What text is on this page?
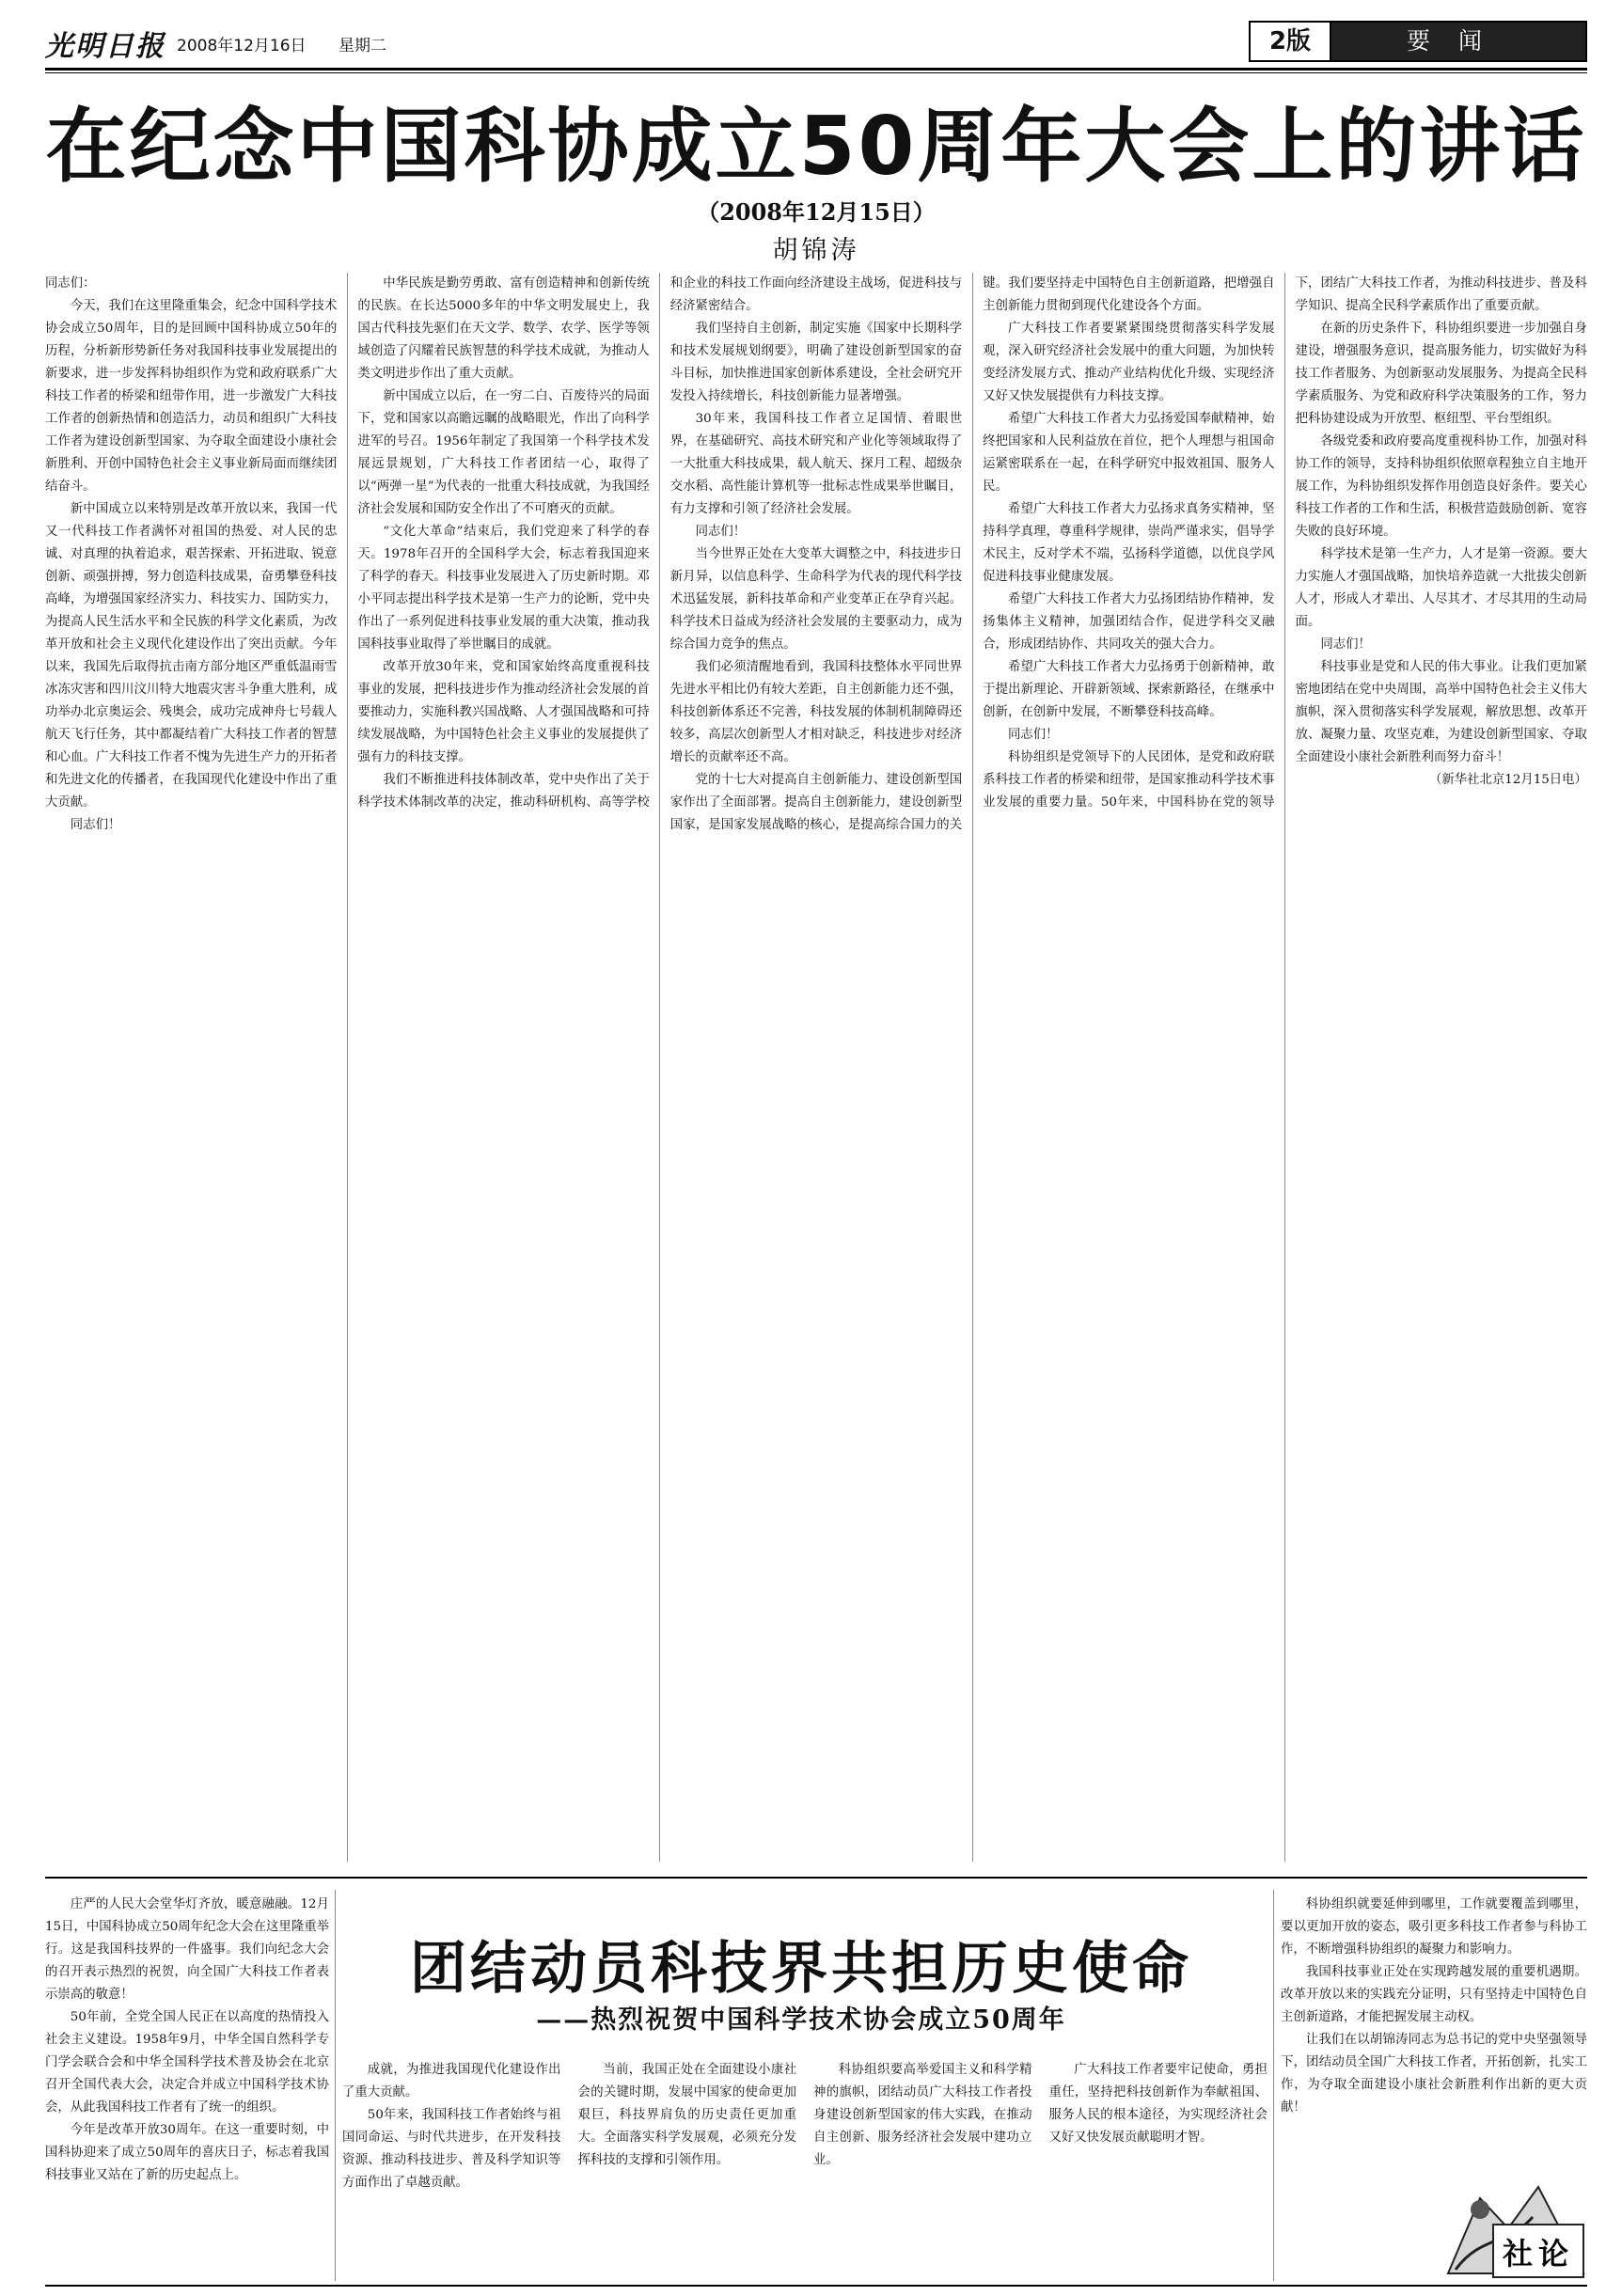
光明日报 2008年12月16日 星期二	2版	要闻
在纪念中国科协成立50周年大会上的讲话
（2008年12月15日）
胡锦涛

同志们：

今天，我们在这里隆重集会，纪念中国科学技术协会成立50周年，目的是回顾中国科协成立50年的历程，分析新形势新任务对我国科技事业发展提出的新要求，进一步发挥科协组织作为党和政府联系广大科技工作者的桥梁和纽带作用，进一步激发广大科技工作者的创新热情和创造活力，动员和组织广大科技工作者为建设创新型国家、为夺取全面建设小康社会新胜利、开创中国特色社会主义事业新局面而继续团结奋斗。

新中国成立以来特别是改革开放以来，我国一代又一代科技工作者满怀对祖国的热爱、对人民的忠诚、对真理的执着追求，艰苦探索、开拓进取、锐意创新、顽强拼搏，努力创造科技成果，奋勇攀登科技高峰，为增强国家经济实力、科技实力、国防实力，为提高人民生活水平和全民族的科学文化素质，为改革开放和社会主义现代化建设作出了突出贡献。今年以来，我国先后取得抗击南方部分地区严重低温雨雪冰冻灾害和四川汶川特大地震灾害斗争重大胜利，成功举办北京奥运会、残奥会，成功完成神舟七号载人航天飞行任务，其中都凝结着广大科技工作者的智慧和心血。广大科技工作者不愧为先进生产力的开拓者和先进文化的传播者，在我国现代化建设中作出了重大贡献。

同志们！

中华民族是勤劳勇敢、富有创造精神和创新传统的民族。在长达5000多年的中华文明发展史上，我国古代科技先驱们在天文学、数学、农学、医学等领域创造了闪耀着民族智慧的科学技术成就，为推动人类文明进步作出了重大贡献。

新中国成立以后，在一穷二白、百废待兴的局面下，党和国家以高瞻远瞩的战略眼光，作出了向科学进军的号召。1956年制定了我国第一个科学技术发展远景规划，广大科技工作者团结一心，取得了以“两弹一星”为代表的一批重大科技成就，为我国经济社会发展和国防安全作出了不可磨灭的贡献。

“文化大革命”结束后，我们党迎来了科学的春天。1978年召开的全国科学大会，标志着我国迎来了科学的春天。科技事业发展进入了历史新时期。邓小平同志提出科学技术是第一生产力的论断，党中央作出了一系列促进科技事业发展的重大决策，推动我国科技事业取得了举世瞩目的成就。

改革开放30年来，党和国家始终高度重视科技事业的发展，把科技进步作为推动经济社会发展的首要推动力，实施科教兴国战略、人才强国战略和可持续发展战略，为中国特色社会主义事业的发展提供了强有力的科技支撑。

我们不断推进科技体制改革，党中央作出了关于科学技术体制改革的决定，推动科研机构、高等学校和企业的科技工作面向经济建设主战场，促进科技与经济紧密结合。

我们坚持自主创新，制定实施《国家中长期科学和技术发展规划纲要》，明确了建设创新型国家的奋斗目标，加快推进国家创新体系建设，全社会研究开发投入持续增长，科技创新能力显著增强。

30年来，我国科技工作者立足国情、着眼世界，在基础研究、高技术研究和产业化等领域取得了一大批重大科技成果，载人航天、探月工程、超级杂交水稻、高性能计算机等一批标志性成果举世瞩目，有力支撑和引领了经济社会发展。

同志们！

当今世界正处在大变革大调整之中，科技进步日新月异，以信息科学、生命科学为代表的现代科学技术迅猛发展，新科技革命和产业变革正在孕育兴起。科学技术日益成为经济社会发展的主要驱动力，成为综合国力竞争的焦点。

我们必须清醒地看到，我国科技整体水平同世界先进水平相比仍有较大差距，自主创新能力还不强，科技创新体系还不完善，科技发展的体制机制障碍还较多，高层次创新型人才相对缺乏，科技进步对经济增长的贡献率还不高。

党的十七大对提高自主创新能力、建设创新型国家作出了全面部署。提高自主创新能力，建设创新型国家，是国家发展战略的核心，是提高综合国力的关键。我们要坚持走中国特色自主创新道路，把增强自主创新能力贯彻到现代化建设各个方面。

广大科技工作者要紧紧围绕贯彻落实科学发展观，深入研究经济社会发展中的重大问题，为加快转变经济发展方式、推动产业结构优化升级、实现经济又好又快发展提供有力科技支撑。

希望广大科技工作者大力弘扬爱国奉献精神，始终把国家和人民利益放在首位，把个人理想与祖国命运紧密联系在一起，在科学研究中报效祖国、服务人民。

希望广大科技工作者大力弘扬求真务实精神，坚持科学真理，尊重科学规律，崇尚严谨求实，倡导学术民主，反对学术不端，弘扬科学道德，以优良学风促进科技事业健康发展。

希望广大科技工作者大力弘扬团结协作精神，发扬集体主义精神，加强团结合作，促进学科交叉融合，形成团结协作、共同攻关的强大合力。

希望广大科技工作者大力弘扬勇于创新精神，敢于提出新理论、开辟新领域、探索新路径，在继承中创新，在创新中发展，不断攀登科技高峰。

同志们！

科协组织是党领导下的人民团体，是党和政府联系科技工作者的桥梁和纽带，是国家推动科学技术事业发展的重要力量。50年来，中国科协在党的领导下，团结广大科技工作者，为推动科技进步、普及科学知识、提高全民科学素质作出了重要贡献。

在新的历史条件下，科协组织要进一步加强自身建设，增强服务意识，提高服务能力，切实做好为科技工作者服务、为创新驱动发展服务、为提高全民科学素质服务、为党和政府科学决策服务的工作，努力把科协建设成为开放型、枢纽型、平台型组织。

各级党委和政府要高度重视科协工作，加强对科协工作的领导，支持科协组织依照章程独立自主地开展工作，为科协组织发挥作用创造良好条件。要关心科技工作者的工作和生活，积极营造鼓励创新、宽容失败的良好环境。

科学技术是第一生产力，人才是第一资源。要大力实施人才强国战略，加快培养造就一大批拔尖创新人才，形成人才辈出、人尽其才、才尽其用的生动局面。

同志们！

科技事业是党和人民的伟大事业。让我们更加紧密地团结在党中央周围，高举中国特色社会主义伟大旗帜，深入贯彻落实科学发展观，解放思想、改革开放、凝聚力量、攻坚克难，为建设创新型国家、夺取全面建设小康社会新胜利而努力奋斗！

（新华社北京12月15日电）

庄严的人民大会堂华灯齐放，暖意融融。12月15日，中国科协成立50周年纪念大会在这里隆重举行。这是我国科技界的一件盛事。我们向纪念大会的召开表示热烈的祝贺，向全国广大科技工作者表示崇高的敬意！

50年前，全党全国人民正在以高度的热情投入社会主义建设。1958年9月，中华全国自然科学专门学会联合会和中华全国科学技术普及协会在北京召开全国代表大会，决定合并成立中国科学技术协会，从此我国科技工作者有了统一的组织。

今年是改革开放30周年。在这一重要时刻，中国科协迎来了成立50周年的喜庆日子，标志着我国科技事业又站在了新的历史起点上。

团结动员科技界共担历史使命
——热烈祝贺中国科学技术协会成立50周年

成就，为推进我国现代化建设作出了重大贡献。

50年来，我国科技工作者始终与祖国同命运、与时代共进步，在开发科技资源、推动科技进步、普及科学知识等方面作出了卓越贡献。

当前，我国正处在全面建设小康社会的关键时期，发展中国家的使命更加艰巨，科技界肩负的历史责任更加重大。全面落实科学发展观，必须充分发挥科技的支撑和引领作用。

科协组织要高举爱国主义和科学精神的旗帜，团结动员广大科技工作者投身建设创新型国家的伟大实践，在推动自主创新、服务经济社会发展中建功立业。

广大科技工作者要牢记使命，勇担重任，坚持把科技创新作为奉献祖国、服务人民的根本途径，为实现经济社会又好又快发展贡献聪明才智。

科协组织就要延伸到哪里，工作就要覆盖到哪里，要以更加开放的姿态，吸引更多科技工作者参与科协工作，不断增强科协组织的凝聚力和影响力。

我国科技事业正处在实现跨越发展的重要机遇期。改革开放以来的实践充分证明，只有坚持走中国特色自主创新道路，才能把握发展主动权。

让我们在以胡锦涛同志为总书记的党中央坚强领导下，团结动员全国广大科技工作者，开拓创新，扎实工作，为夺取全面建设小康社会新胜利作出新的更大贡献！

社论
